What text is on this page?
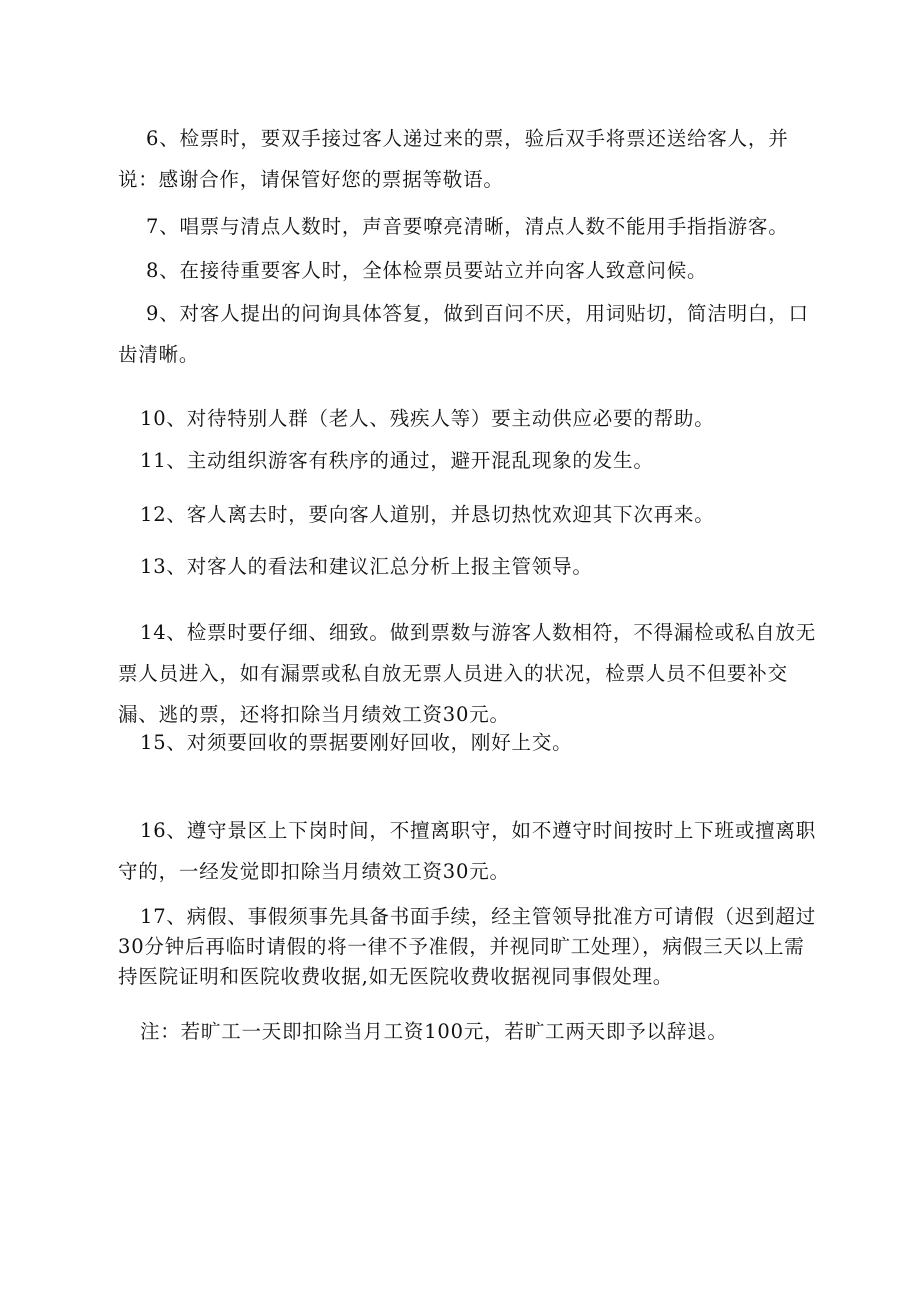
6、检票时，要双手接过客人递过来的票，验后双手将票还送给客人，并说：感谢合作，请保管好您的票据等敬语。

7、唱票与清点人数时，声音要嘹亮清晰，清点人数不能用手指指游客。

8、在接待重要客人时，全体检票员要站立并向客人致意问候。

9、对客人提出的问询具体答复，做到百问不厌，用词贴切，简洁明白，口齿清晰。

10、对待特别人群（老人、残疾人等）要主动供应必要的帮助。

11、主动组织游客有秩序的通过，避开混乱现象的发生。

12、客人离去时，要向客人道别，并恳切热忱欢迎其下次再来。

13、对客人的看法和建议汇总分析上报主管领导。

14、检票时要仔细、细致。做到票数与游客人数相符，不得漏检或私自放无票人员进入，如有漏票或私自放无票人员进入的状况，检票人员不但要补交漏、逃的票，还将扣除当月绩效工资30元。

15、对须要回收的票据要刚好回收，刚好上交。

16、遵守景区上下岗时间，不擅离职守，如不遵守时间按时上下班或擅离职守的，一经发觉即扣除当月绩效工资30元。

17、病假、事假须事先具备书面手续，经主管领导批准方可请假（迟到超过30分钟后再临时请假的将一律不予准假，并视同旷工处理），病假三天以上需持医院证明和医院收费收据,如无医院收费收据视同事假处理。

注：若旷工一天即扣除当月工资100元，若旷工两天即予以辞退。
